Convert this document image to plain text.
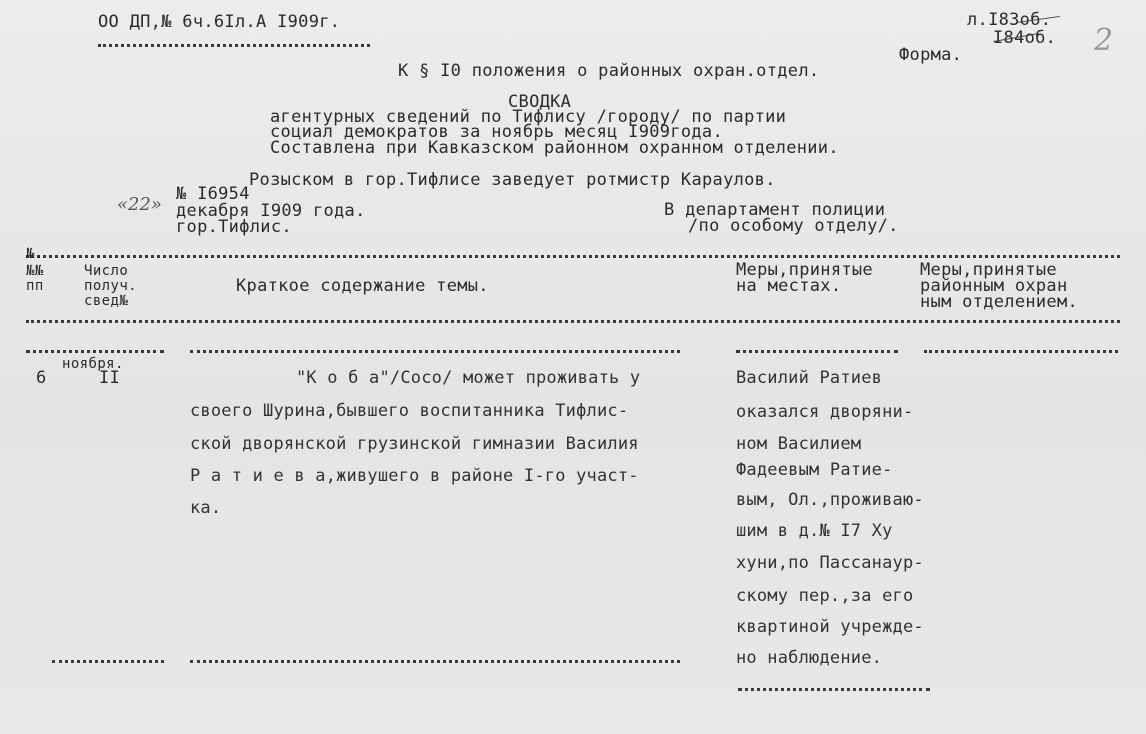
ОО ДП,№ 6ч.6Iл.А I909г.	л.I83об.
I84об. 2
Форма.
К § I0 положения о районных охран.отдел.
СВОДКА
агентурных сведений по Тифлису /городу/ по партии
социал демократов за ноябрь месяц I909года.
Составлена при Кавказском районном охранном отделении.
Розыском в гор.Тифлисе заведует ротмистр Караулов.
«22» № I6954
декабря I909 года.
гор.Тифлис.
В департамент полиции
/по особому отделу/.
№.
№№
пп
Число
получ.
свед№
Краткое содержание темы.
Меры,принятые
на местах.
Меры,принятые
районным охран
ным отделением.
6
ноября.
II	"К о б а"/Сосо/ может проживать у
своего Шурина,бывшего воспитанника Тифлис-
ской дворянской грузинской гимназии Василия
Р а т и е в а,живушего в районе I-го участ-
ка.
Василий Ратиев
оказался дворяни-
ном Василием
Фадеевым Ратие-
вым, Ол.,проживаю-
шим в д.№ I7 Ху
хуни,по Пассанаур-
скому пер.,за его
квартиной учрежде-
но наблюдение.
